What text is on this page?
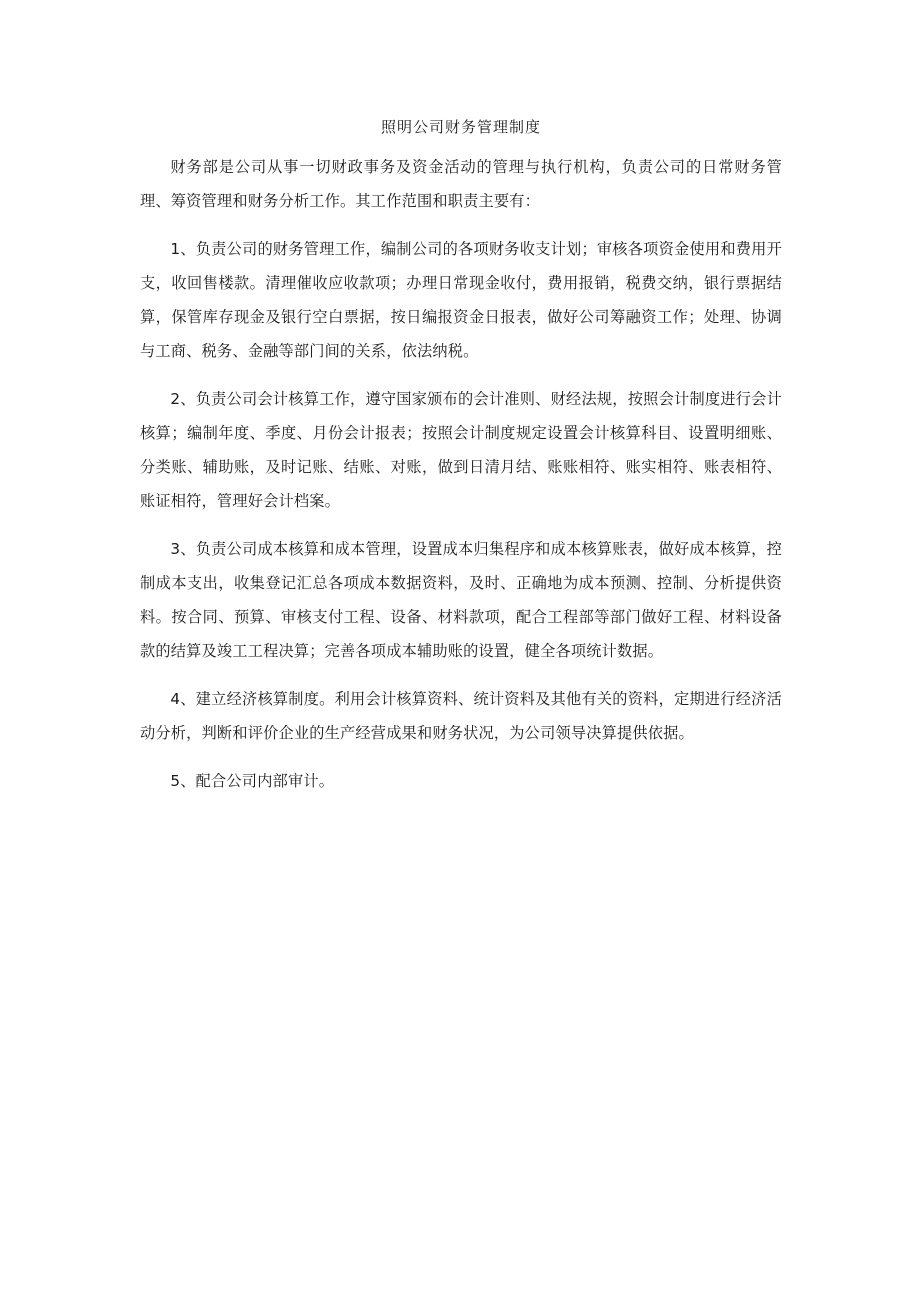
照明公司财务管理制度

财务部是公司从事一切财政事务及资金活动的管理与执行机构，负责公司的日常财务管理、筹资管理和财务分析工作。其工作范围和职责主要有：

1、负责公司的财务管理工作，编制公司的各项财务收支计划；审核各项资金使用和费用开支，收回售楼款。清理催收应收款项；办理日常现金收付，费用报销，税费交纳，银行票据结算，保管库存现金及银行空白票据，按日编报资金日报表，做好公司筹融资工作；处理、协调与工商、税务、金融等部门间的关系，依法纳税。

2、负责公司会计核算工作，遵守国家颁布的会计准则、财经法规，按照会计制度进行会计核算；编制年度、季度、月份会计报表；按照会计制度规定设置会计核算科目、设置明细账、分类账、辅助账，及时记账、结账、对账，做到日清月结、账账相符、账实相符、账表相符、账证相符，管理好会计档案。

3、负责公司成本核算和成本管理，设置成本归集程序和成本核算账表，做好成本核算，控制成本支出，收集登记汇总各项成本数据资料，及时、正确地为成本预测、控制、分析提供资料。按合同、预算、审核支付工程、设备、材料款项，配合工程部等部门做好工程、材料设备款的结算及竣工工程决算；完善各项成本辅助账的设置，健全各项统计数据。

4、建立经济核算制度。利用会计核算资料、统计资料及其他有关的资料，定期进行经济活动分析，判断和评价企业的生产经营成果和财务状况，为公司领导决算提供依据。

5、配合公司内部审计。
